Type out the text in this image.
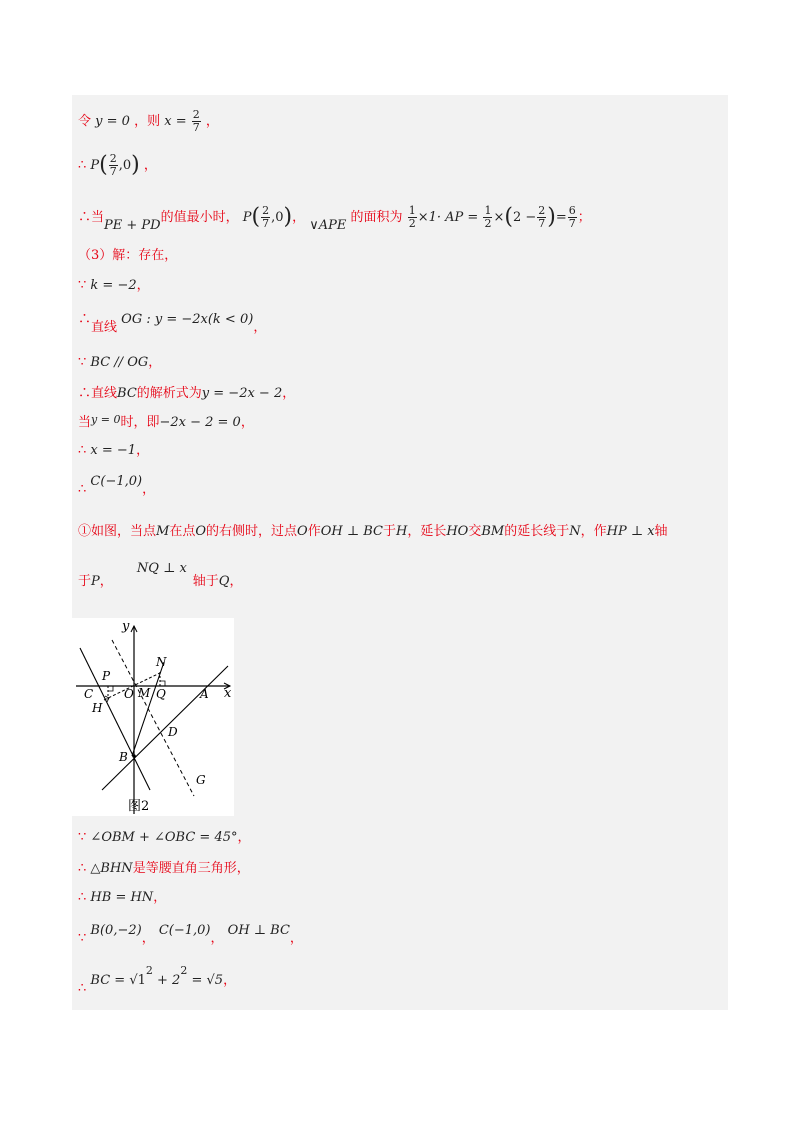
令 y = 0 ，则 $x = \frac{2}{7}$ ，
∴ $P( \frac{2}{7} ,0)$ ，
∴当PE + PD的值最小时， $P( \frac{2}{7} ,0)$， ∨APE 的面积为 $\frac{1}{2} \times 1\cdot$ AP = $\frac{1}{2} \times(2 - \frac{2}{7}$ )= $\frac{6}{7}$ ；
（3）解：存在，
∵ k = −2，
∴直线 OG : y = −2x(k < 0)，
∵ BC // OG，
∴直线BC的解析式为y = −2x − 2，
当$^{y = 0}$时，即−2x − 2 = 0，
∴ x = −1，
∴ C(−1,0)，
①如图，当点M在点O的右侧时，过点O作OH ⊥ BC于H，延长HO交BM的延长线于N，作HP ⊥ x轴
于P， NQ ⊥ x轴于Q，
∵ ∠OBM + ∠OBC = 45°，
∴ △BHN是等腰直角三角形，
∴ HB = HN，
∵ B(0,−2)， C(−1,0)， OH ⊥ BC，
∴ BC = $√1^2 + 2^2 = √5$，
y
x
N
P
C	O M Q	A
H
D
B
G
图2
